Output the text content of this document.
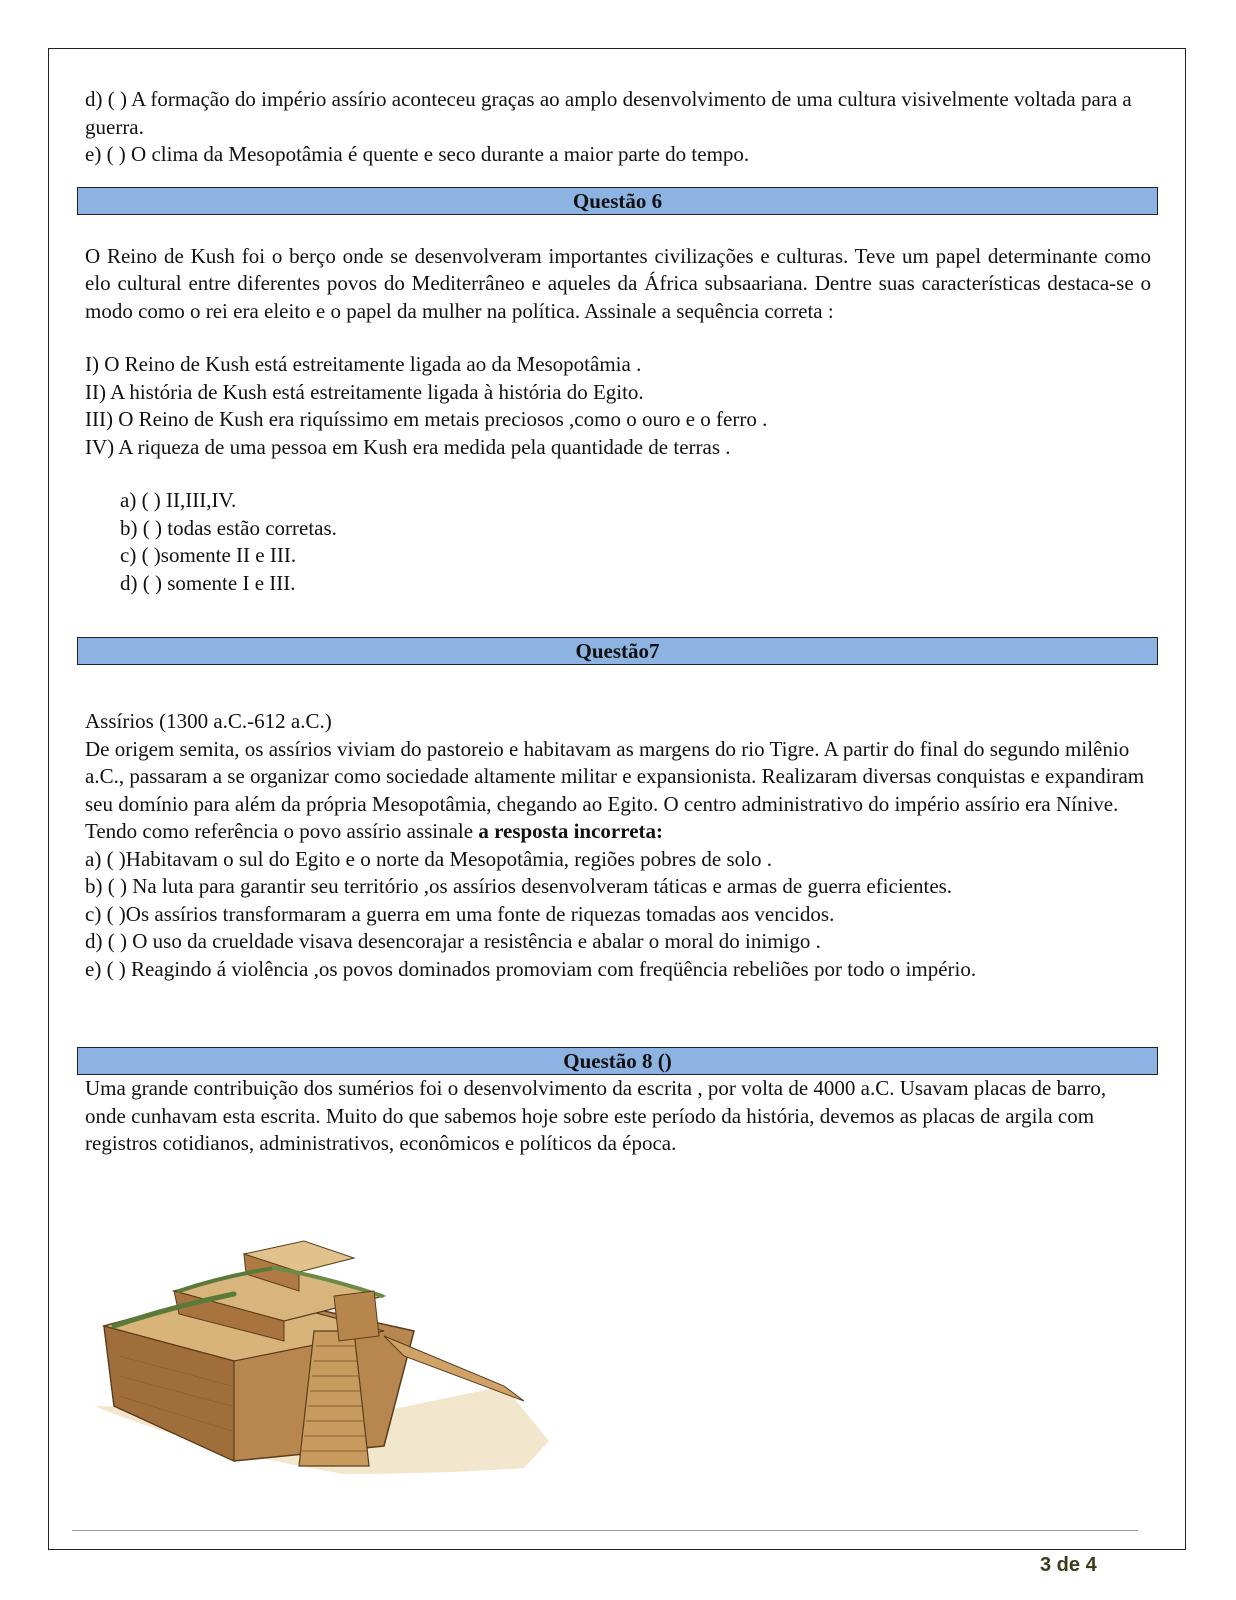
d) ( ) A formação do império assírio aconteceu graças ao amplo desenvolvimento de uma cultura visivelmente voltada para a guerra.

e) ( ) O clima da Mesopotâmia é quente e seco durante a maior parte do tempo.

Questão 6

O Reino de Kush foi o berço onde se desenvolveram importantes civilizações e culturas. Teve um papel determinante como elo cultural entre diferentes povos do Mediterrâneo e aqueles da África subsaariana. Dentre suas características destaca-se o modo como o rei era eleito e o papel da mulher na política. Assinale a sequência correta :

I) O Reino de Kush está estreitamente ligada ao da Mesopotâmia .

II) A história de Kush está estreitamente ligada à história do Egito.

III) O Reino de Kush era riquíssimo em metais preciosos ,como o ouro e o ferro .

IV) A riqueza de uma pessoa em Kush era medida pela quantidade de terras .

a) ( ) II,III,IV.

b) ( ) todas estão corretas.

c) ( )somente II e III.

d) ( ) somente I e III.

Questão7

Assírios (1300 a.C.-612 a.C.)

De origem semita, os assírios viviam do pastoreio e habitavam as margens do rio Tigre. A partir do final do segundo milênio a.C., passaram a se organizar como sociedade altamente militar e expansionista. Realizaram diversas conquistas e expandiram seu domínio para além da própria Mesopotâmia, chegando ao Egito. O centro administrativo do império assírio era Nínive. Tendo como referência o povo assírio assinale a resposta incorreta:

a) ( )Habitavam o sul do Egito e o norte da Mesopotâmia, regiões pobres de solo .

b) ( ) Na luta para garantir seu território ,os assírios desenvolveram táticas e armas de guerra eficientes.

c) ( )Os assírios transformaram a guerra em uma fonte de riquezas tomadas aos vencidos.

d) ( ) O uso da crueldade visava desencorajar a resistência e abalar o moral do inimigo .

e) ( ) Reagindo á violência ,os povos dominados promoviam com freqüência rebeliões por todo o império.

Questão 8 ()

Uma grande contribuição dos sumérios foi o desenvolvimento da escrita , por volta de 4000 a.C. Usavam placas de barro, onde cunhavam esta escrita. Muito do que sabemos hoje sobre este período da história, devemos as placas de argila com registros cotidianos, administrativos, econômicos e políticos da época.

3 de 4
